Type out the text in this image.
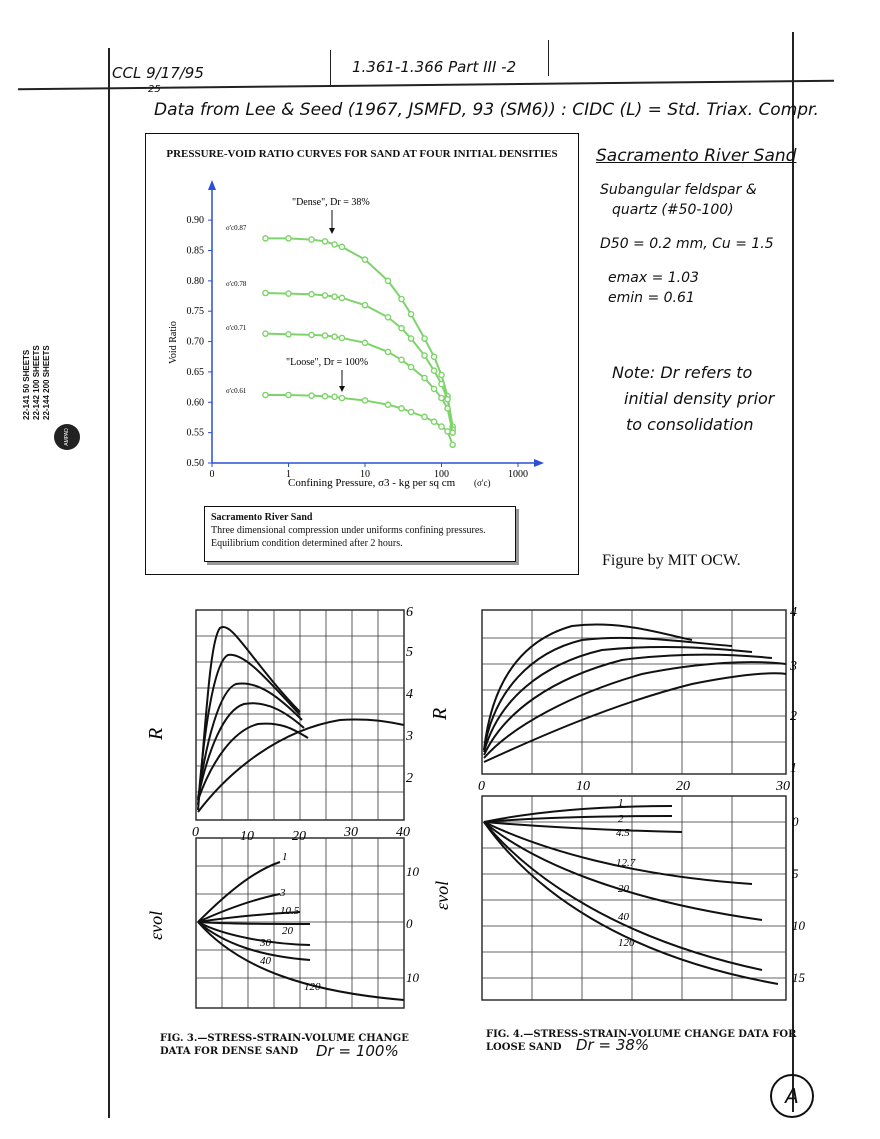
CCL 9/17/95
25
1.361-1.366 Part III -2
Data from Lee & Seed (1967, JSMFD, 93 (SM6)) : CIDC (L) = Std. Triax. Compr.
22-141 50 SHEETS 22-142 100 SHEETS 22-144 200 SHEETS
AMPAD
Sacramento River Sand
Subangular feldspar &
quartz (#50-100)
D50 = 0.2 mm, Cu = 1.5
emax = 1.03
emin = 0.61
Note: Dr refers to
initial density prior
to consolidation
Figure by MIT OCW.
PRESSURE-VOID RATIO CURVES FOR SAND AT FOUR INITIAL DENSITIES
0.90
0.85
0.80
0.75
0.70
0.65
0.60
0.55
0.50
0	1	10	100	1000
"Dense", Dr = 38%
"Loose", Dr = 100%
σ'c0.87
σ'c0.78
σ'c0.71
σ'c0.61
Void Ratio
Confining Pressure, σ3 - kg per sq cm (σ'c)
Sacramento River Sand
Three dimensional compression under uniforms confining pressures.
Equilibrium condition determined after 2 hours.
R
εvol
6
5
4
3
2
0	10	20	30	40
10
0
10
1
3
10.5
20
30
40
120
FIG. 3.—STRESS-STRAIN-VOLUME CHANGE
DATA FOR DENSE SAND	Dr = 100%
R
εvol
4
3
2
1
0	10	20	30
0
5
10
15
1
2
4.5
12.7
20
40
120
FIG. 4.—STRESS-STRAIN-VOLUME CHANGE DATA FOR
LOOSE SAND Dr = 38%
A
